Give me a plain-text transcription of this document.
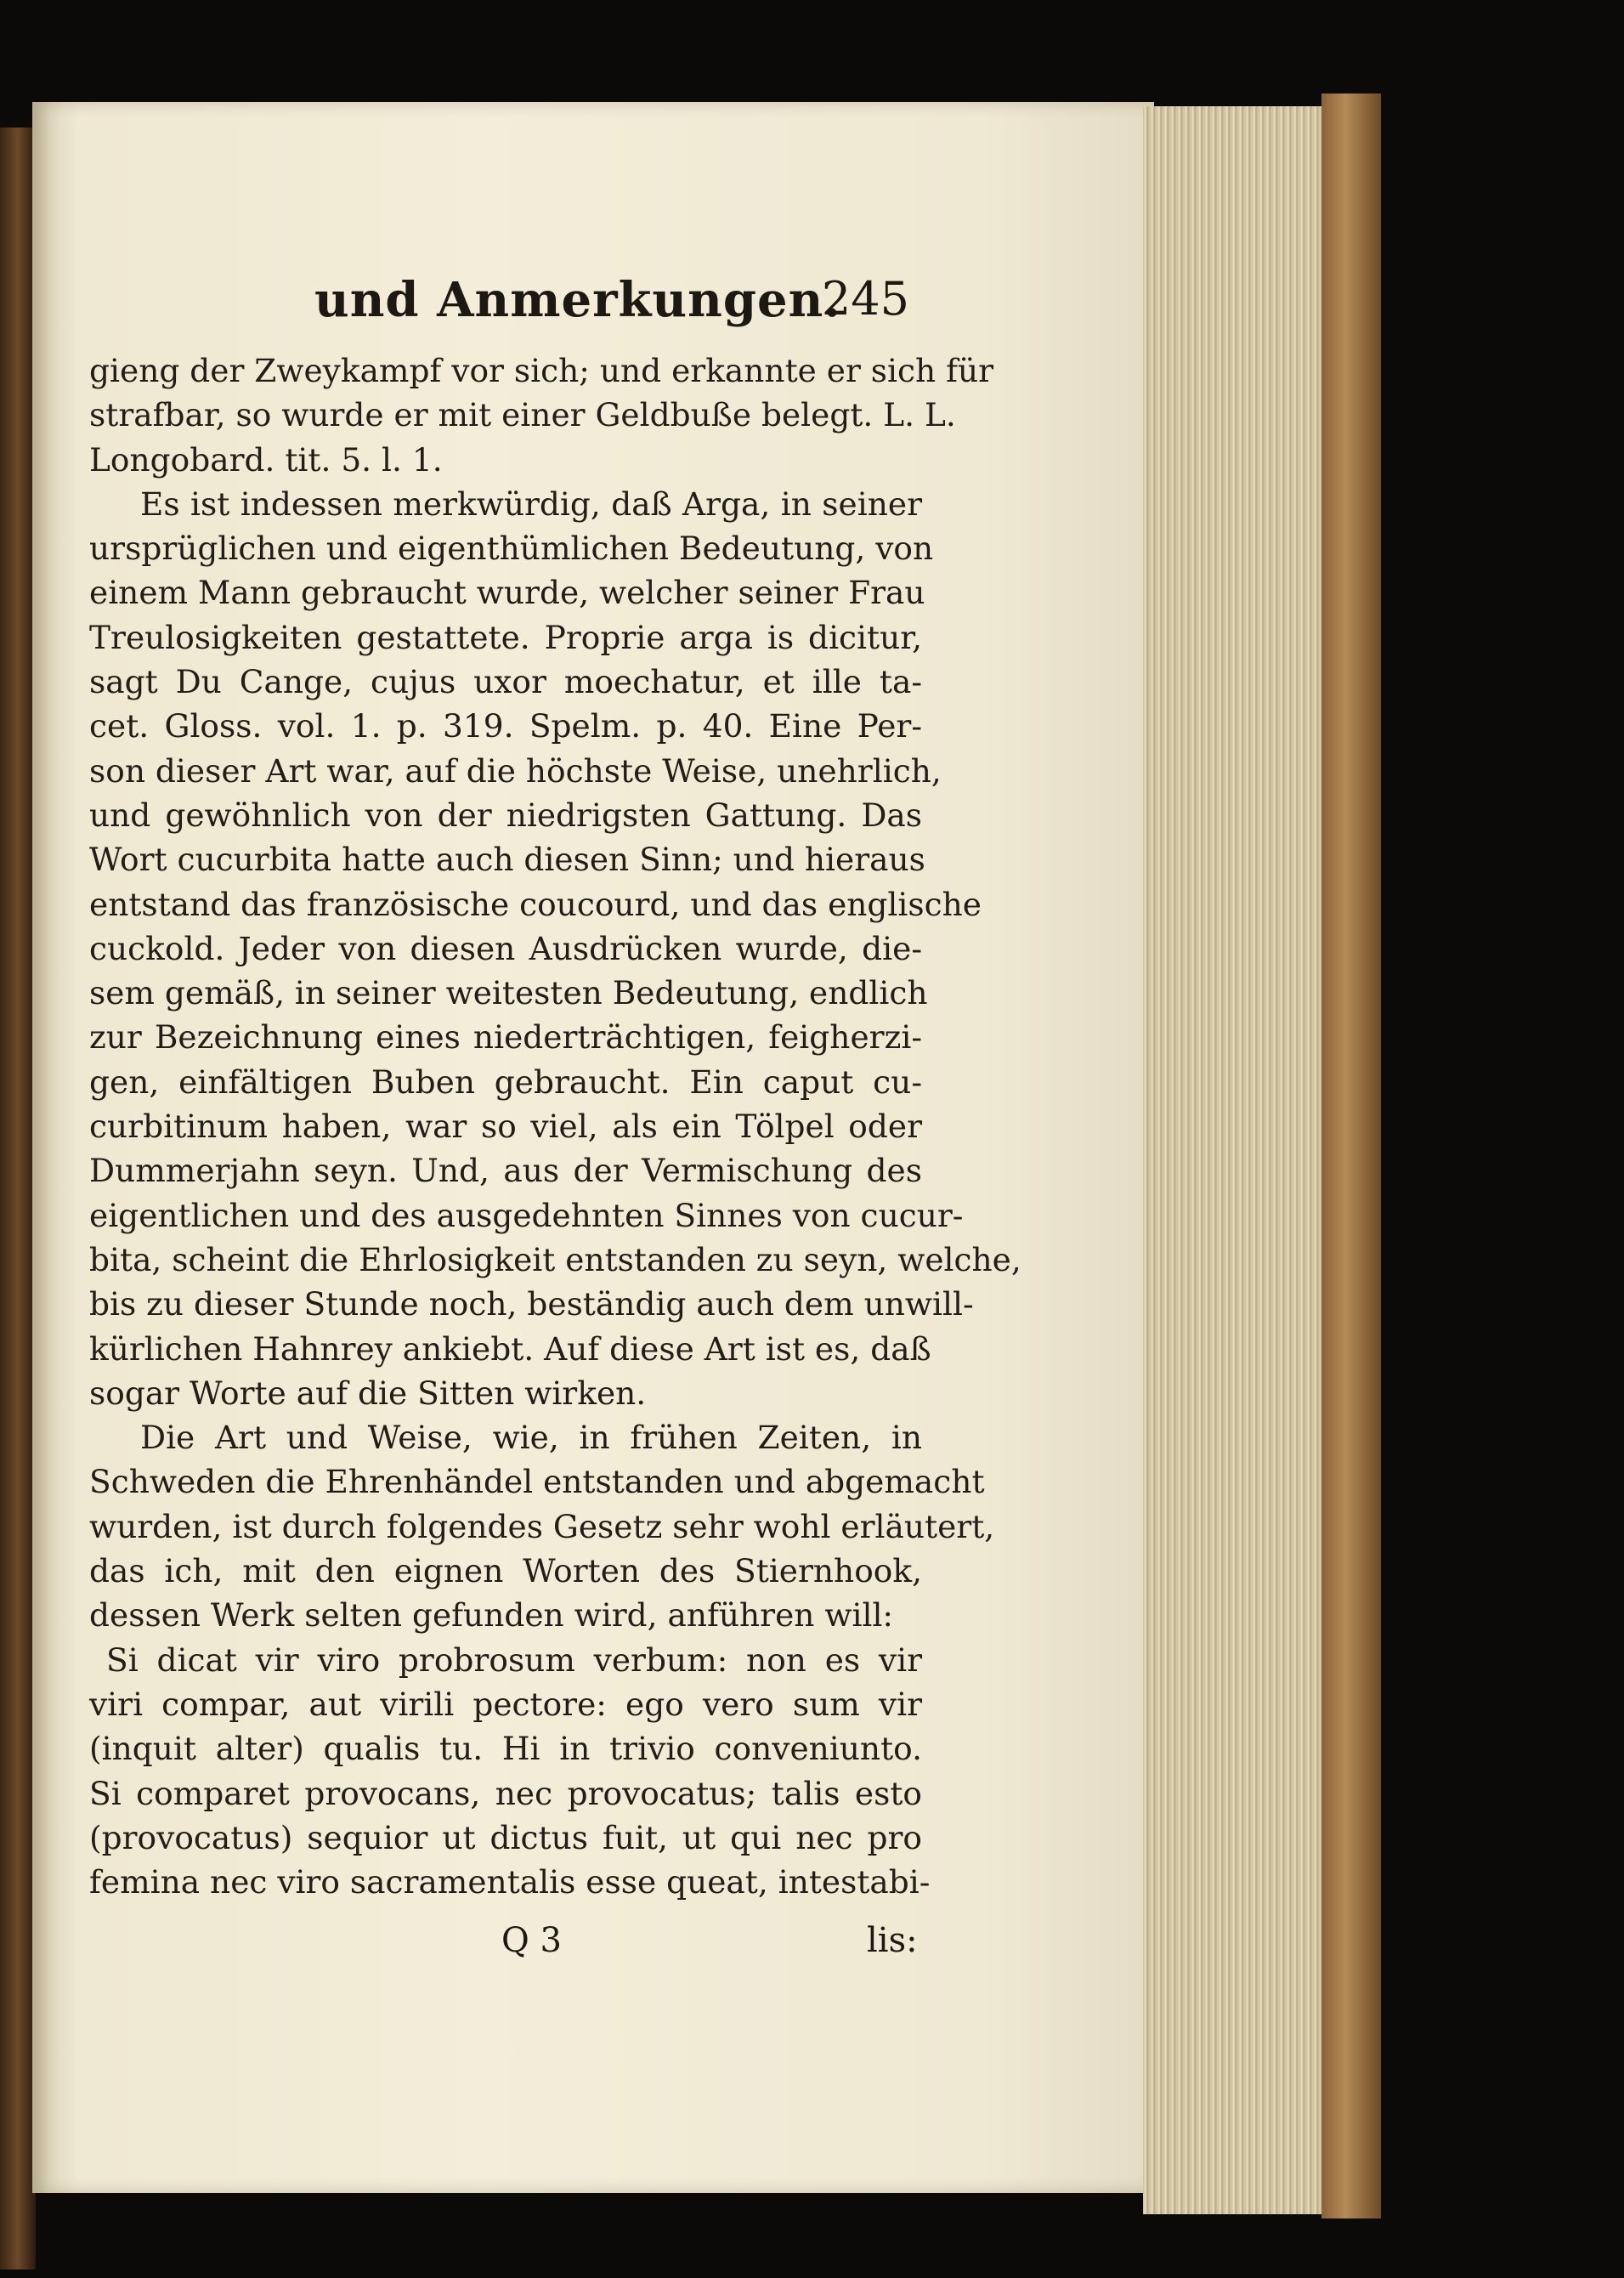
und Anmerkungen.
245
gieng der Zweykampf vor sich; und erkannte er sich für
strafbar, so wurde er mit einer Geldbuße belegt. L. L.
Longobard. tit. 5. l. 1.
Es ist indessen merkwürdig, daß Arga, in seiner
ursprüglichen und eigenthümlichen Bedeutung, von
einem Mann gebraucht wurde, welcher seiner Frau
Treulosigkeiten gestattete. Proprie arga is dicitur,
sagt Du Cange, cujus uxor moechatur, et ille ta-
cet. Gloss. vol. 1. p. 319. Spelm. p. 40. Eine Per-
son dieser Art war, auf die höchste Weise, unehrlich,
und gewöhnlich von der niedrigsten Gattung. Das
Wort cucurbita hatte auch diesen Sinn; und hieraus
entstand das französische coucourd, und das englische
cuckold. Jeder von diesen Ausdrücken wurde, die-
sem gemäß, in seiner weitesten Bedeutung, endlich
zur Bezeichnung eines niederträchtigen, feigherzi-
gen, einfältigen Buben gebraucht. Ein caput cu-
curbitinum haben, war so viel, als ein Tölpel oder
Dummerjahn seyn. Und, aus der Vermischung des
eigentlichen und des ausgedehnten Sinnes von cucur-
bita, scheint die Ehrlosigkeit entstanden zu seyn, welche,
bis zu dieser Stunde noch, beständig auch dem unwill-
kürlichen Hahnrey ankiebt. Auf diese Art ist es, daß
sogar Worte auf die Sitten wirken.
Die Art und Weise, wie, in frühen Zeiten, in
Schweden die Ehrenhändel entstanden und abgemacht
wurden, ist durch folgendes Gesetz sehr wohl erläutert,
das ich, mit den eignen Worten des Stiernhook,
dessen Werk selten gefunden wird, anführen will:
Si dicat vir viro probrosum verbum: non es vir
viri compar, aut virili pectore: ego vero sum vir
(inquit alter) qualis tu. Hi in trivio conveniunto.
Si comparet provocans, nec provocatus; talis esto
(provocatus) sequior ut dictus fuit, ut qui nec pro
femina nec viro sacramentalis esse queat, intestabi-
Q 3	lis:
